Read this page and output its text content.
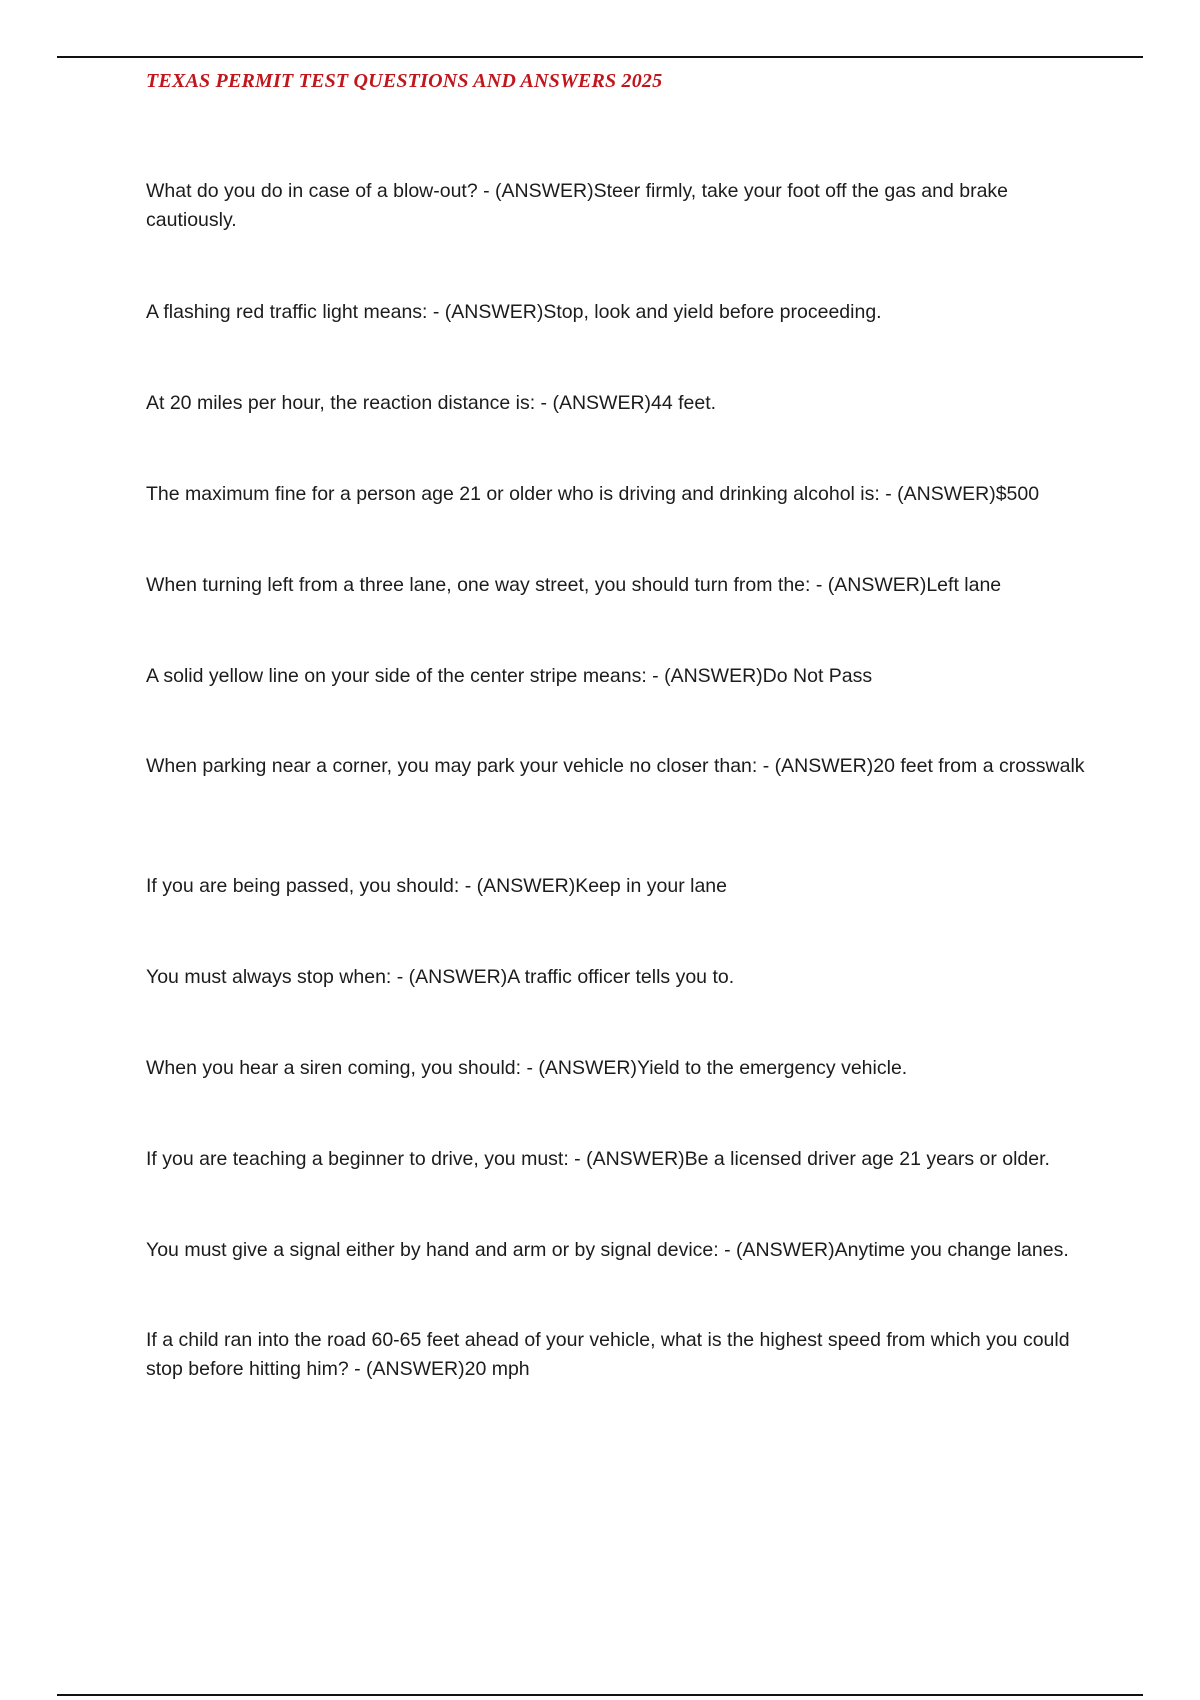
TEXAS PERMIT TEST QUESTIONS AND ANSWERS 2025
What do you do in case of a blow-out? - (ANSWER)Steer firmly, take your foot off the gas and brake cautiously.
A flashing red traffic light means: - (ANSWER)Stop, look and yield before proceeding.
At 20 miles per hour, the reaction distance is: - (ANSWER)44 feet.
The maximum fine for a person age 21 or older who is driving and drinking alcohol is: - (ANSWER)$500
When turning left from a three lane, one way street, you should turn from the: - (ANSWER)Left lane
A solid yellow line on your side of the center stripe means: - (ANSWER)Do Not Pass
When parking near a corner, you may park your vehicle no closer than: - (ANSWER)20 feet from a crosswalk
If you are being passed, you should: - (ANSWER)Keep in your lane
You must always stop when: - (ANSWER)A traffic officer tells you to.
When you hear a siren coming, you should: - (ANSWER)Yield to the emergency vehicle.
If you are teaching a beginner to drive, you must: - (ANSWER)Be a licensed driver age 21 years or older.
You must give a signal either by hand and arm or by signal device: - (ANSWER)Anytime you change lanes.
If a child ran into the road 60-65 feet ahead of your vehicle, what is the highest speed from which you could stop before hitting him? - (ANSWER)20 mph
